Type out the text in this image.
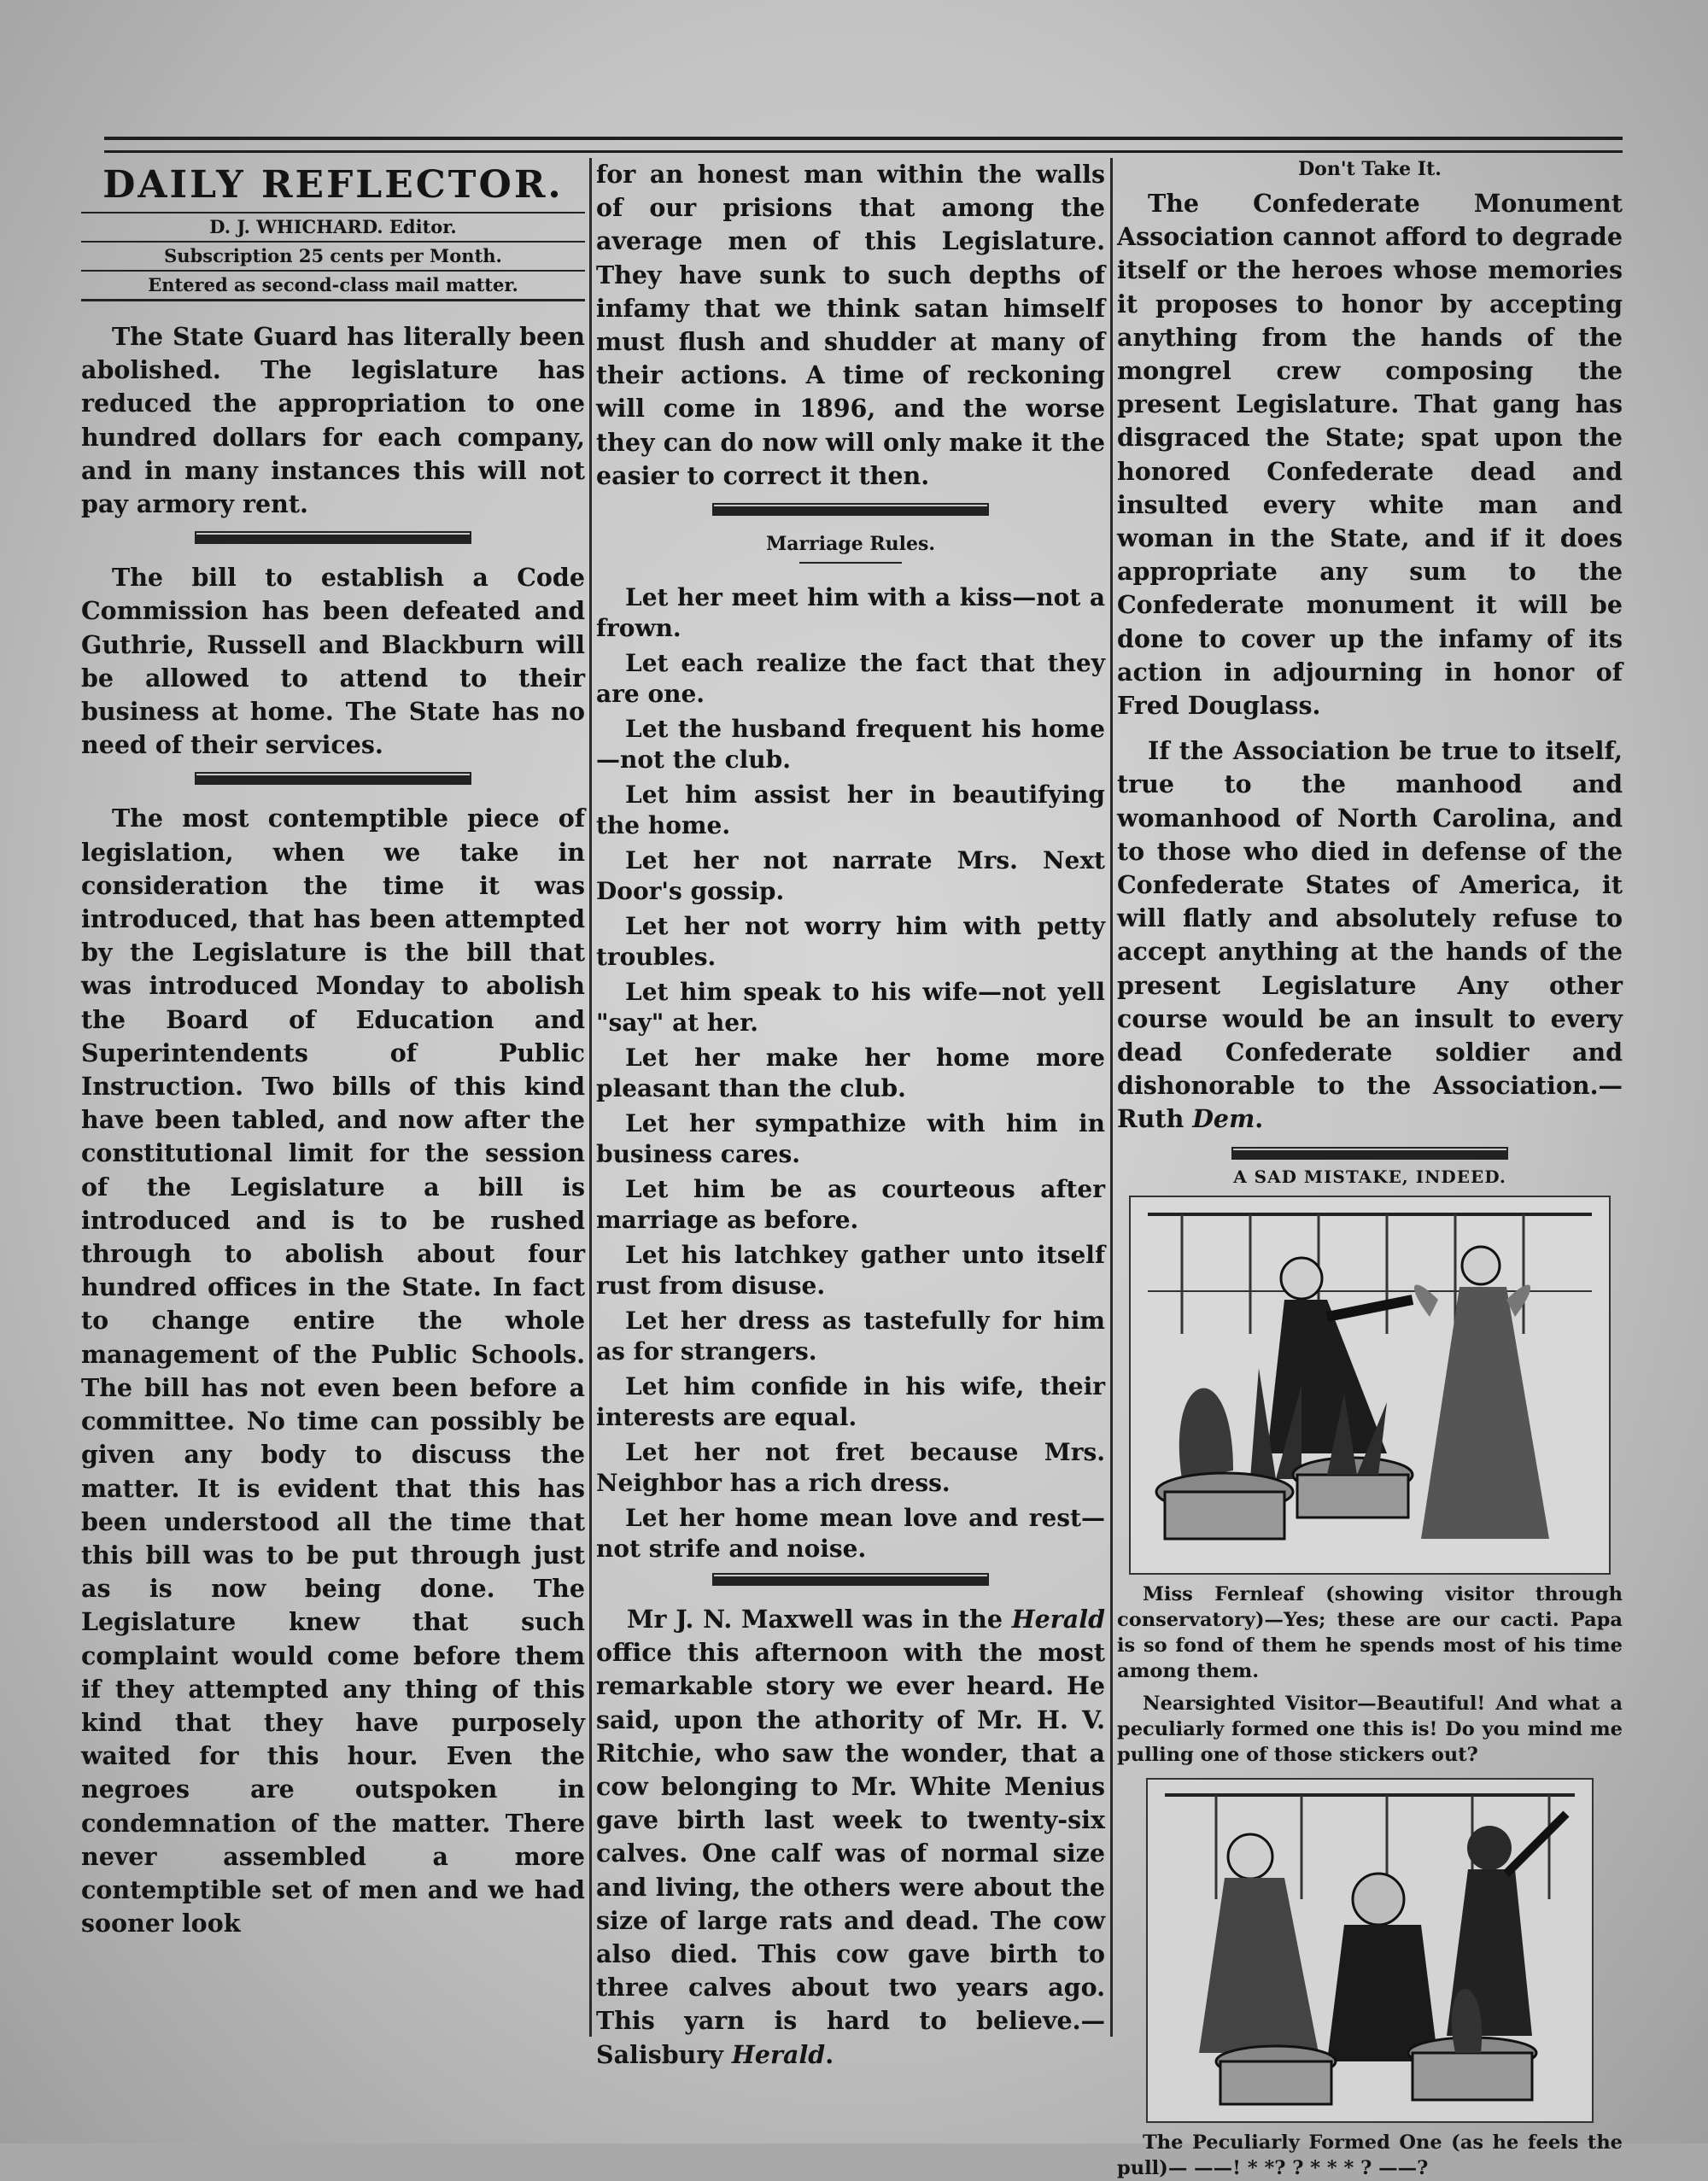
DAILY REFLECTOR.
D. J. WHICHARD. Editor.
Subscription 25 cents per Month.
Entered as second-class mail matter.

The State Guard has literally been abolished. The legislature has reduced the appropriation to one hundred dollars for each company, and in many instances this will not pay armory rent.

The bill to establish a Code Commission has been defeated and Guthrie, Russell and Blackburn will be allowed to attend to their business at home. The State has no need of their services.

The most contemptible piece of legislation, when we take in consideration the time it was introduced, that has been attempted by the Legislature is the bill that was introduced Monday to abolish the Board of Education and Superintendents of Public Instruction. Two bills of this kind have been tabled, and now after the constitutional limit for the session of the Legislature a bill is introduced and is to be rushed through to abolish about four hundred offices in the State. In fact to change entire the whole management of the Public Schools. The bill has not even been before a committee. No time can possibly be given any body to discuss the matter. It is evident that this has been understood all the time that this bill was to be put through just as is now being done. The Legislature knew that such complaint would come before them if they attempted any thing of this kind that they have purposely waited for this hour. Even the negroes are outspoken in condemnation of the matter. There never assembled a more contemptible set of men and we had sooner look

for an honest man within the walls of our prisions that among the average men of this Legislature. They have sunk to such depths of infamy that we think satan himself must flush and shudder at many of their actions. A time of reckoning will come in 1896, and the worse they can do now will only make it the easier to correct it then.

Marriage Rules.

Let her meet him with a kiss—not a frown.

Let each realize the fact that they are one.

Let the husband frequent his home—not the club.

Let him assist her in beautifying the home.

Let her not narrate Mrs. Next Door's gossip.

Let her not worry him with petty troubles.

Let him speak to his wife—not yell "say" at her.

Let her make her home more pleasant than the club.

Let her sympathize with him in business cares.

Let him be as courteous after marriage as before.

Let his latchkey gather unto itself rust from disuse.

Let her dress as tastefully for him as for strangers.

Let him confide in his wife, their interests are equal.

Let her not fret because Mrs. Neighbor has a rich dress.

Let her home mean love and rest—not strife and noise.

Mr J. N. Maxwell was in the Herald office this afternoon with the most remarkable story we ever heard. He said, upon the athority of Mr. H. V. Ritchie, who saw the wonder, that a cow belonging to Mr. White Menius gave birth last week to twenty-six calves. One calf was of normal size and living, the others were about the size of large rats and dead. The cow also died. This cow gave birth to three calves about two years ago. This yarn is hard to believe.—Salisbury Herald.

Don't Take It.

The Confederate Monument Association cannot afford to degrade itself or the heroes whose memories it proposes to honor by accepting anything from the hands of the mongrel crew composing the present Legislature. That gang has disgraced the State; spat upon the honored Confederate dead and insulted every white man and woman in the State, and if it does appropriate any sum to the Confederate monument it will be done to cover up the infamy of its action in adjourning in honor of Fred Douglass.

If the Association be true to itself, true to the manhood and womanhood of North Carolina, and to those who died in defense of the Confederate States of America, it will flatly and absolutely refuse to accept anything at the hands of the present Legislature Any other course would be an insult to every dead Confederate soldier and dishonorable to the Association.—Ruth Dem.

A SAD MISTAKE, INDEED.

Miss Fernleaf (showing visitor through conservatory)—Yes; these are our cacti. Papa is so fond of them he spends most of his time among them.

Nearsighted Visitor—Beautiful! And what a peculiarly formed one this is! Do you mind me pulling one of those stickers out?

The Peculiarly Formed One (as he feels the pull)— ——! * *? ? * * * ? ——?
